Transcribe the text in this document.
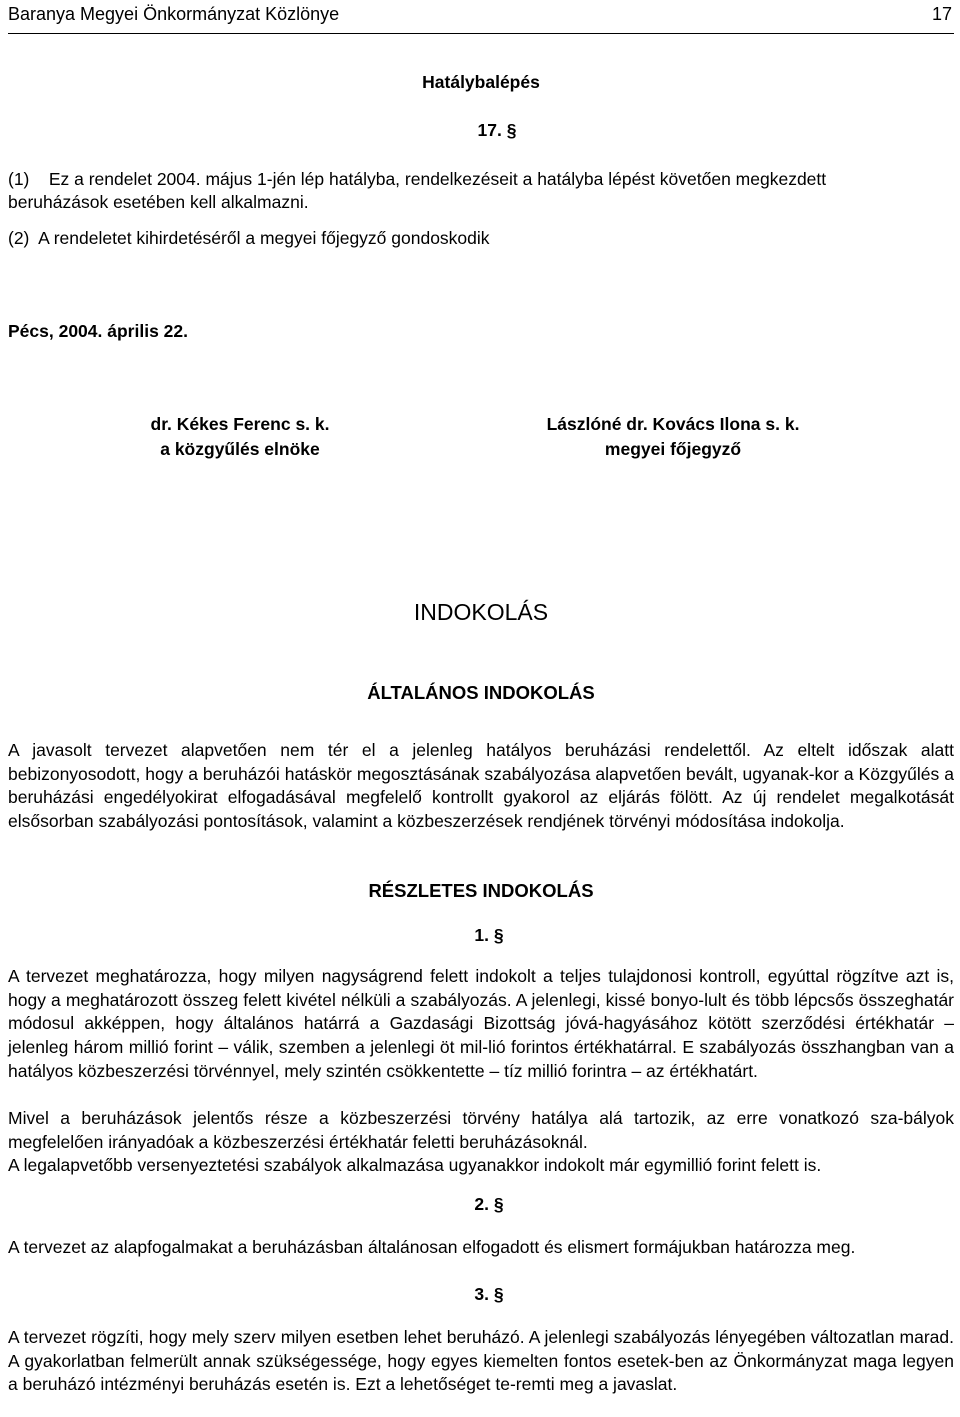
Baranya Megyei Önkormányzat Közlönye	17
Hatálybalépés
17. §
(1)    Ez a rendelet 2004. május 1-jén lép hatályba, rendelkezéseit a hatályba lépést követően megkezdett
beruházások esetében kell alkalmazni.
(2)  A rendeletet kihirdetéséről a megyei főjegyző gondoskodik
Pécs, 2004. április 22.
dr. Kékes Ferenc s. k.
a közgyűlés elnöke
Lászlóné dr. Kovács Ilona s. k.
megyei főjegyző
INDOKOLÁS
ÁLTALÁNOS INDOKOLÁS

A javasolt tervezet alapvetően nem tér el a jelenleg hatályos beruházási rendelettől. Az eltelt időszak alatt bebizonyosodott, hogy a beruházói hatáskör megosztásának szabályozása alapvetően bevált, ugyanak-kor a Közgyűlés a beruházási engedélyokirat elfogadásával megfelelő kontrollt gyakorol az eljárás fölött. Az új rendelet megalkotását elsősorban szabályozási pontosítások, valamint a közbeszerzések rendjének törvényi módosítása indokolja.

RÉSZLETES INDOKOLÁS
1. §

A tervezet meghatározza, hogy milyen nagyságrend felett indokolt a teljes tulajdonosi kontroll, egyúttal rögzítve azt is, hogy a meghatározott összeg felett kivétel nélküli a szabályozás. A jelenlegi, kissé bonyo-lult és több lépcsős összeghatár módosul akképpen, hogy általános határrá a Gazdasági Bizottság jóvá-hagyásához kötött szerződési értékhatár – jelenleg három millió forint – válik, szemben a jelenlegi öt mil-lió forintos értékhatárral. E szabályozás összhangban van a hatályos közbeszerzési törvénnyel, mely szintén csökkentette – tíz millió forintra – az értékhatárt.

Mivel a beruházások jelentős része a közbeszerzési törvény hatálya alá tartozik, az erre vonatkozó sza-bályok megfelelően irányadóak a közbeszerzési értékhatár feletti beruházásoknál.

A legalapvetőbb versenyeztetési szabályok alkalmazása ugyanakkor indokolt már egymillió forint felett is.

2. §

A tervezet az alapfogalmakat a beruházásban általánosan elfogadott és elismert formájukban határozza meg.

3. §

A tervezet rögzíti, hogy mely szerv milyen esetben lehet beruházó. A jelenlegi szabályozás lényegében változatlan marad. A gyakorlatban felmerült annak szükségessége, hogy egyes kiemelten fontos esetek-ben az Önkormányzat maga legyen a beruházó intézményi beruházás esetén is. Ezt a lehetőséget te-remti meg a javaslat.
